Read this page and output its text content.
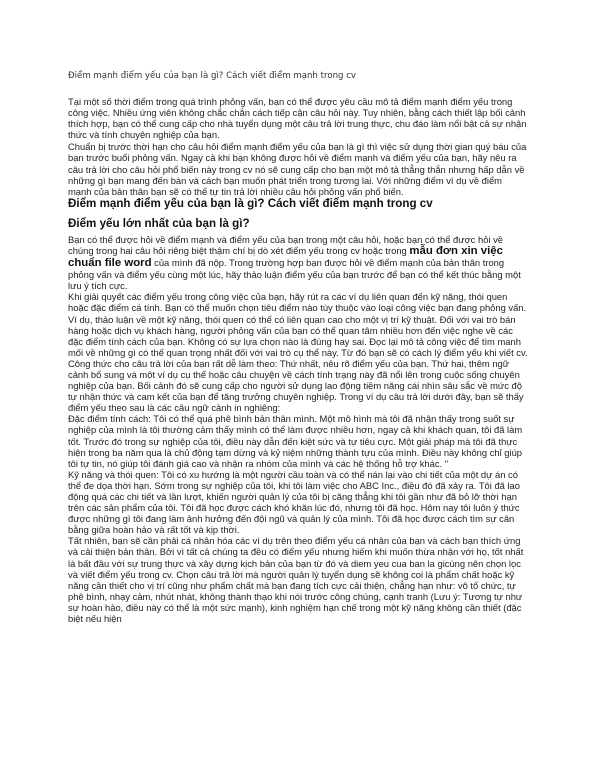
Điểm mạnh điểm yếu của bạn là gì? Cách viết điểm mạnh trong cv

Tại một số thời điểm trong quá trình phỏng vấn, bạn có thể được yêu cầu mô tả điểm mạnh điểm yếu trong công việc. Nhiều ứng viên không chắc chắn cách tiếp cận câu hỏi này. Tuy nhiên, bằng cách thiết lập bối cảnh thích hợp, bạn có thể cung cấp cho nhà tuyển dụng một câu trả lời trung thực, chu đáo làm nổi bật cả sự nhận thức và tính chuyên nghiệp của bạn.

Chuẩn bị trước thời hạn cho câu hỏi điểm mạnh điểm yếu của bạn là gì thì việc sử dụng thời gian quý báu của bạn trước buổi phỏng vấn. Ngay cả khi bạn không được hỏi về điểm mạnh và điểm yếu của bạn, hãy nêu ra câu trả lời cho câu hỏi phổ biến này trong cv nó sẽ cung cấp cho bạn một mô tả thẳng thắn nhưng hấp dẫn về những gì bạn mang đến bàn và cách bạn muốn phát triển trong tương lai. Với những điểm ví dụ về điểm mạnh của bản thân bạn sẽ có thể tự tin trả lời nhiều câu hỏi phỏng vấn phổ biến.

Điểm mạnh điểm yếu của bạn là gì? Cách viết điểm mạnh trong cv
Điểm yếu lớn nhất của bạn là gì?

Bạn có thể được hỏi về điểm mạnh và điểm yếu của bạn trong một câu hỏi, hoặc bạn có thể được hỏi về chúng trong hai câu hỏi riêng biệt thậm chí bị dò xét điểm yếu trong cv hoặc trong mẫu đơn xin việc chuẩn file word của mình đã nộp. Trong trường hợp bạn được hỏi về điểm mạnh của bản thân trong phỏng vấn và điểm yếu cùng một lúc, hãy thảo luận điểm yếu của bạn trước để bạn có thể kết thúc bằng một lưu ý tích cực.

Khi giải quyết các điểm yếu trong công việc của bạn, hãy rút ra các ví dụ liên quan đến kỹ năng, thói quen hoặc đặc điểm cá tính. Bạn có thể muốn chọn tiêu điểm nào tùy thuộc vào loại công việc bạn đang phỏng vấn. Ví dụ, thảo luận về một kỹ năng, thói quen có thể có liên quan cao cho một vị trí kỹ thuật. Đối với vai trò bán hàng hoặc dịch vụ khách hàng, người phỏng vấn của bạn có thể quan tâm nhiều hơn đến việc nghe về các đặc điểm tính cách của bạn. Không có sự lựa chọn nào là đúng hay sai. Đọc lại mô tả công việc để tìm manh mối về những gì có thể quan trọng nhất đối với vai trò cụ thể này. Từ đó bạn sẽ có cách lý điểm yếu khi viết cv.

Công thức cho câu trả lời của bạn rất dễ làm theo: Thứ nhất, nêu rõ điểm yếu của bạn. Thứ hai, thêm ngữ cảnh bổ sung và một ví dụ cụ thể hoặc câu chuyện về cách tính trạng này đã nổi lên trong cuộc sống chuyên nghiệp của bạn. Bối cảnh đó sẽ cung cấp cho người sử dụng lao động tiềm năng cái nhìn sâu sắc về mức độ tự nhận thức và cam kết của bạn để tăng trưởng chuyên nghiệp. Trong ví dụ câu trả lời dưới đây, bạn sẽ thấy điểm yếu theo sau là các câu ngữ cảnh in nghiêng:

Đặc điểm tính cách: Tôi có thể quá phê bình bản thân mình. Một mô hình mà tôi đã nhận thấy trong suốt sự nghiệp của mình là tôi thường cảm thấy mình có thể làm được nhiều hơn, ngay cả khi khách quan, tôi đã làm tốt. Trước đó trong sự nghiệp của tôi, điều này dẫn đến kiệt sức và tự tiêu cực. Một giải pháp mà tôi đã thực hiện trong ba năm qua là chủ động tạm dừng và kỷ niệm những thành tựu của mình. Điều này không chỉ giúp tôi tự tin, nó giúp tôi đánh giá cao và nhận ra nhóm của mình và các hệ thống hỗ trợ khác. "

Kỹ năng và thói quen: Tôi có xu hướng là một người cầu toàn và có thể nán lại vào chi tiết của một dự án có thể đe dọa thời hạn. Sớm trong sự nghiệp của tôi, khi tôi làm việc cho ABC Inc., điều đó đã xảy ra. Tôi đã lao động quá các chi tiết và lần lượt, khiến người quản lý của tôi bị căng thẳng khi tôi gần như đã bỏ lỡ thời hạn trên các sản phẩm của tôi. Tôi đã học được cách khó khăn lúc đó, nhưng tôi đã học. Hôm nay tôi luôn ý thức được những gì tôi đang làm ảnh hưởng đến đội ngũ và quản lý của mình. Tôi đã học được cách tìm sự cân bằng giữa hoàn hảo và rất tốt và kịp thời.

Tất nhiên, bạn sẽ cần phải cá nhân hóa các ví dụ trên theo điểm yếu cá nhân của bạn và cách bạn thích ứng và cải thiện bản thân. Bởi vì tất cả chúng ta đều có điểm yếu nhưng hiếm khi muốn thừa nhận với họ, tốt nhất là bất đầu với sự trung thực và xây dựng kịch bản của bạn từ đó và diem yeu cua ban la gicùng nên chọn lọc và viết điểm yếu trong cv. Chọn câu trả lời mà người quản lý tuyển dụng sẽ không coi là phẩm chất hoặc kỹ năng cần thiết cho vị trí cũng như phẩm chất mà bạn đang tích cực cải thiện, chẳng hạn như: vô tổ chức, tự phê bình, nhạy cảm, nhút nhát, không thành thạo khi nói trước công chúng, cạnh tranh (Lưu ý: Tương tự như sự hoàn hảo, điều này có thể là một sức mạnh), kinh nghiệm hạn chế trong một kỹ năng không cần thiết (đặc biệt nếu hiện
